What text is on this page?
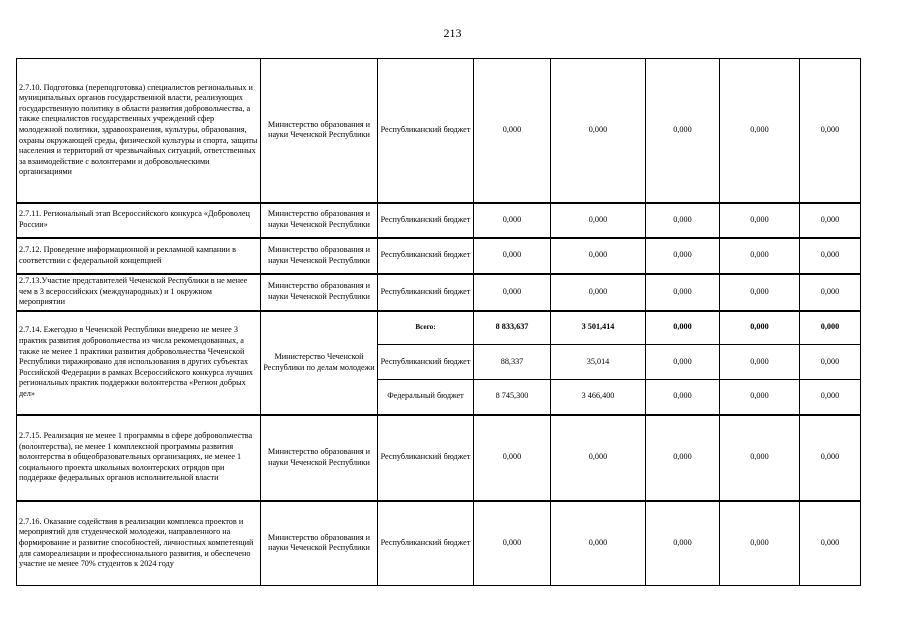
213
2.7.10. Подготовка (переподготовка) специалистов региональных и муниципальных органов государственной власти, реализующих государственную политику в области развития добровольчества, а также специалистов государственных учреждений сфер молодежной политики, здравоохранения, культуры, образования, охраны окружающей среды, физической культуры и спорта, защиты населения и территорий от чрезвычайных ситуаций, ответственных за взаимодействие с волонтерами и добровольческими организациями	Министерство образования и науки Чеченской Республики	Республиканский бюджет	0,000	0,000	0,000	0,000	0,000
2.7.11. Региональный этап Всероссийского конкурса «Доброволец России»	Министерство образования и науки Чеченской Республики	Республиканский бюджет	0,000	0,000	0,000	0,000	0,000
2.7.12. Проведение информационной и рекламной кампании в соответствии с федеральной концепцией	Министерство образования и науки Чеченской Республики	Республиканский бюджет	0,000	0,000	0,000	0,000	0,000
2.7.13.Участие представителей Чеченской Республики в не менее чем в 3 всероссийских (международных) и 1 окружном мероприятии	Министерство образования и науки Чеченской Республики	Республиканский бюджет	0,000	0,000	0,000	0,000	0,000
2.7.14. Ежегодно в Чеченской Республики внедрено не менее 3 практик развития добровольчества из числа рекомендованных, а также не менее 1 практики развития добровольчества Чеченской Республики тиражировано для использования в других субъектах Российской Федерации в рамках Всероссийского конкурса лучших региональных практик поддержки волонтерства «Регион добрых дел»	Министерство Чеченской Республики по делам молодежи	Всего:	8 833,637	3 501,414	0,000	0,000	0,000
		Республиканский бюджет	88,337	35,014	0,000	0,000	0,000
		Федеральный бюджет	8 745,300	3 466,400	0,000	0,000	0,000
2.7.15. Реализация не менее 1 программы в сфере добровольчества (волонтерства), не менее 1 комплексной программы развития волонтерства в общеобразовательных организациях, не менее 1 социального проекта школьных волонтерских отрядов при поддержке федеральных органов исполнительной власти	Министерство образования и науки Чеченской Республики	Республиканский бюджет	0,000	0,000	0,000	0,000	0,000
2.7.16. Оказание содействия в реализации комплекса проектов и мероприятий для студенческой молодежи, направленного на формирование и развитие способностей, личностных компетенций для самореализации и профессионального развития, и обеспечено участие не менее 70% студентов к 2024 году	Министерство образования и науки Чеченской Республики	Республиканский бюджет	0,000	0,000	0,000	0,000	0,000
